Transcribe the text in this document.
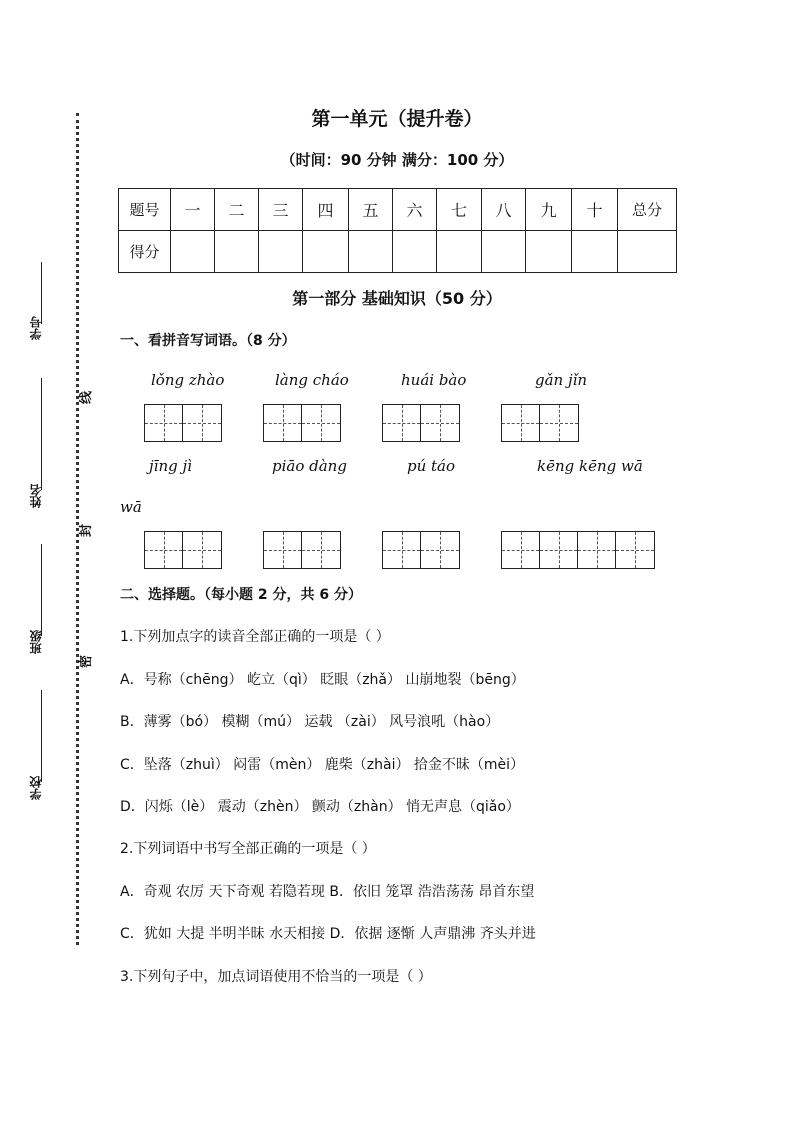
学号
姓名
班级
学校
线
封
密
第一单元（提升卷）
（时间：90 分钟 满分：100 分）
题号	一	二	三	四	五	六	七	八	九	十	总分
得分											
第一部分 基础知识（50 分）
一、看拼音写词语。（8 分）
lǒng zhào	làng cháo	huái bào	gǎn jǐn
jīng jì	piāo dàng	pú táo	kēng kēng wā
wā
二、选择题。（每小题 2 分，共 6 分）
1.下列加点字的读音全部正确的一项是（ ）
A．号称（chēng） 屹立（qì） 眨眼（zhǎ） 山崩地裂（bēng）
B．薄雾（bó） 模糊（mú） 运载 （zài） 风号浪吼（hào）
C．坠落（zhuì） 闷雷（mèn） 鹿柴（zhài） 拾金不昧（mèi）
D．闪烁（lè） 震动（zhèn） 颤动（zhàn） 悄无声息（qiǎo）
2.下列词语中书写全部正确的一项是（ ）
A．奇观 农厉 天下奇观 若隐若现 B．依旧 笼罩 浩浩荡荡 昂首东望
C．犹如 大提 半明半昧 水天相接 D．依据 逐惭 人声鼎沸 齐头并进
3.下列句子中，加点词语使用不恰当的一项是（ ）
